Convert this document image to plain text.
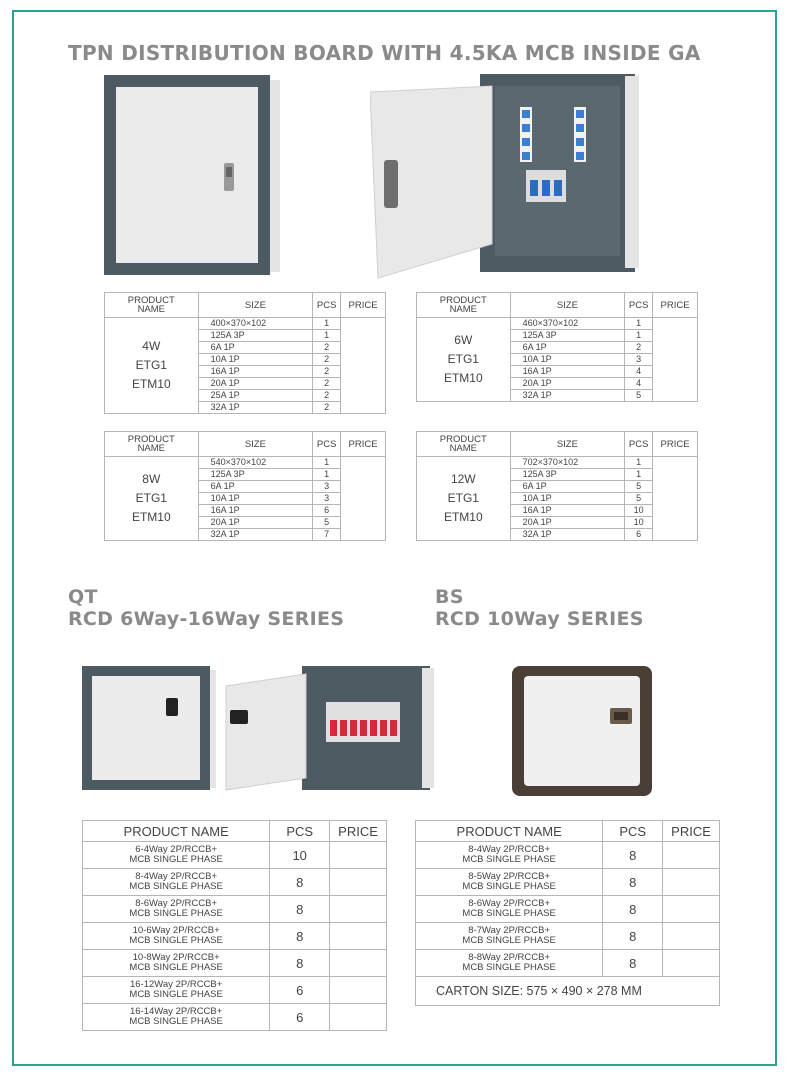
TPN DISTRIBUTION BOARD WITH 4.5KA MCB INSIDE GA
PRODUCT
NAME	SIZE	PCS	PRICE

4W
ETG1
ETM10	400×370×102	1	
	125A 3P	1	
	6A 1P	2	
	10A 1P	2	
	16A 1P	2	
	20A 1P	2	
	25A 1P	2	
	32A 1P	2	
PRODUCT
NAME	SIZE	PCS	PRICE

6W
ETG1
ETM10	460×370×102	1	
	125A 3P	1	
	6A 1P	2	
	10A 1P	3	
	16A 1P	4	
	20A 1P	4	
	32A 1P	5	
PRODUCT
NAME	SIZE	PCS	PRICE

8W
ETG1
ETM10	540×370×102	1	
	125A 3P	1	
	6A 1P	3	
	10A 1P	3	
	16A 1P	6	
	20A 1P	5	
	32A 1P	7	
PRODUCT
NAME	SIZE	PCS	PRICE

12W
ETG1
ETM10	702×370×102	1	
	125A 3P	1	
	6A 1P	5	
	10A 1P	5	
	16A 1P	10	
	20A 1P	10	
	32A 1P	6	
QT
RCD 6Way-16Way SERIES
BS
RCD 10Way SERIES
PRODUCT NAME	PCS	PRICE

6-4Way 2P/RCCB+
MCB SINGLE PHASE	10	

8-4Way 2P/RCCB+
MCB SINGLE PHASE	8	

8-6Way 2P/RCCB+
MCB SINGLE PHASE	8	

10-6Way 2P/RCCB+
MCB SINGLE PHASE	8	

10-8Way 2P/RCCB+
MCB SINGLE PHASE	8	

16-12Way 2P/RCCB+
MCB SINGLE PHASE	6	

16-14Way 2P/RCCB+
MCB SINGLE PHASE	6	
PRODUCT NAME	PCS	PRICE

8-4Way 2P/RCCB+
MCB SINGLE PHASE	8	

8-5Way 2P/RCCB+
MCB SINGLE PHASE	8	

8-6Way 2P/RCCB+
MCB SINGLE PHASE	8	

8-7Way 2P/RCCB+
MCB SINGLE PHASE	8	

8-8Way 2P/RCCB+
MCB SINGLE PHASE	8	
CARTON SIZE: 575 × 490 × 278 MM		
